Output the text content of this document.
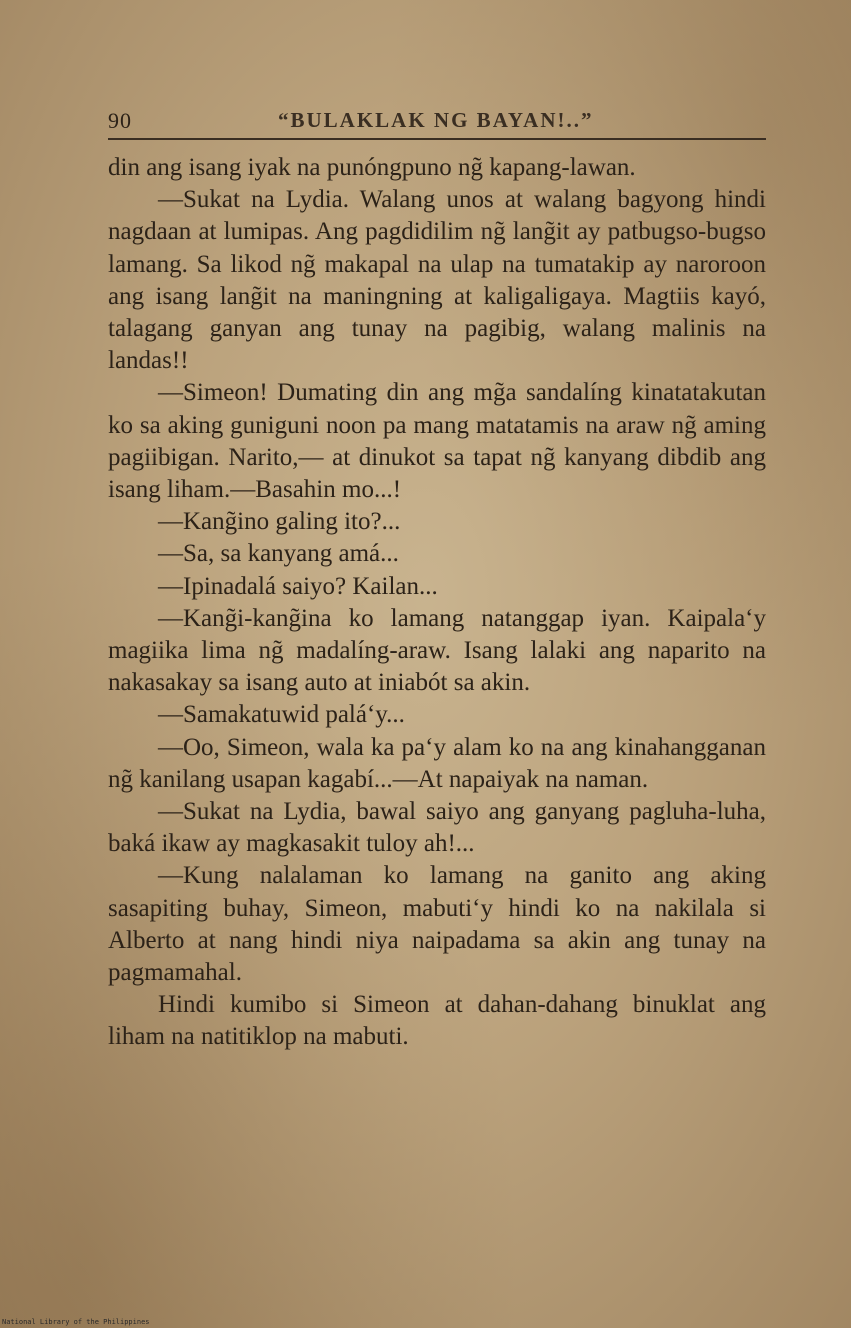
90	“BULAKLAK NG BAYAN!..”

din ang isang iyak na punóngpuno ng̃ kapang-lawan.

—Sukat na Lydia. Walang unos at walang bagyong hindi nagdaan at lumipas. Ang pagdidilim ng̃ lang̃it ay patbugso-bugso lamang. Sa likod ng̃ makapal na ulap na tumatakip ay naroroon ang isang lang̃it na maningning at kaligaligaya. Magtiis kayó, talagang ganyan ang tunay na pagibig, walang malinis na landas!!

—Simeon! Dumating din ang mg̃a sandalíng kinatatakutan ko sa aking guniguni noon pa mang matatamis na araw ng̃ aming pagiibigan. Narito,— at dinukot sa tapat ng̃ kanyang dibdib ang isang liham.—Basahin mo...!

—Kang̃ino galing ito?...

—Sa, sa kanyang amá...

—Ipinadalá saiyo? Kailan...

—Kang̃i-kang̃ina ko lamang natanggap iyan. Kaipala‘y magiika lima ng̃ madalíng-araw. Isang lalaki ang naparito na nakasakay sa isang auto at iniabót sa akin.

—Samakatuwid palá‘y...

—Oo, Simeon, wala ka pa‘y alam ko na ang kinahangganan ng̃ kanilang usapan kagabí...—At napaiyak na naman.

—Sukat na Lydia, bawal saiyo ang ganyang pagluha-luha, baká ikaw ay magkasakit tuloy ah!...

—Kung nalalaman ko lamang na ganito ang aking sasapiting buhay, Simeon, mabuti‘y hindi ko na nakilala si Alberto at nang hindi niya naipadama sa akin ang tunay na pagmamahal.

Hindi kumibo si Simeon at dahan-dahang binuklat ang liham na natitiklop na mabuti.

National Library of the Philippines
